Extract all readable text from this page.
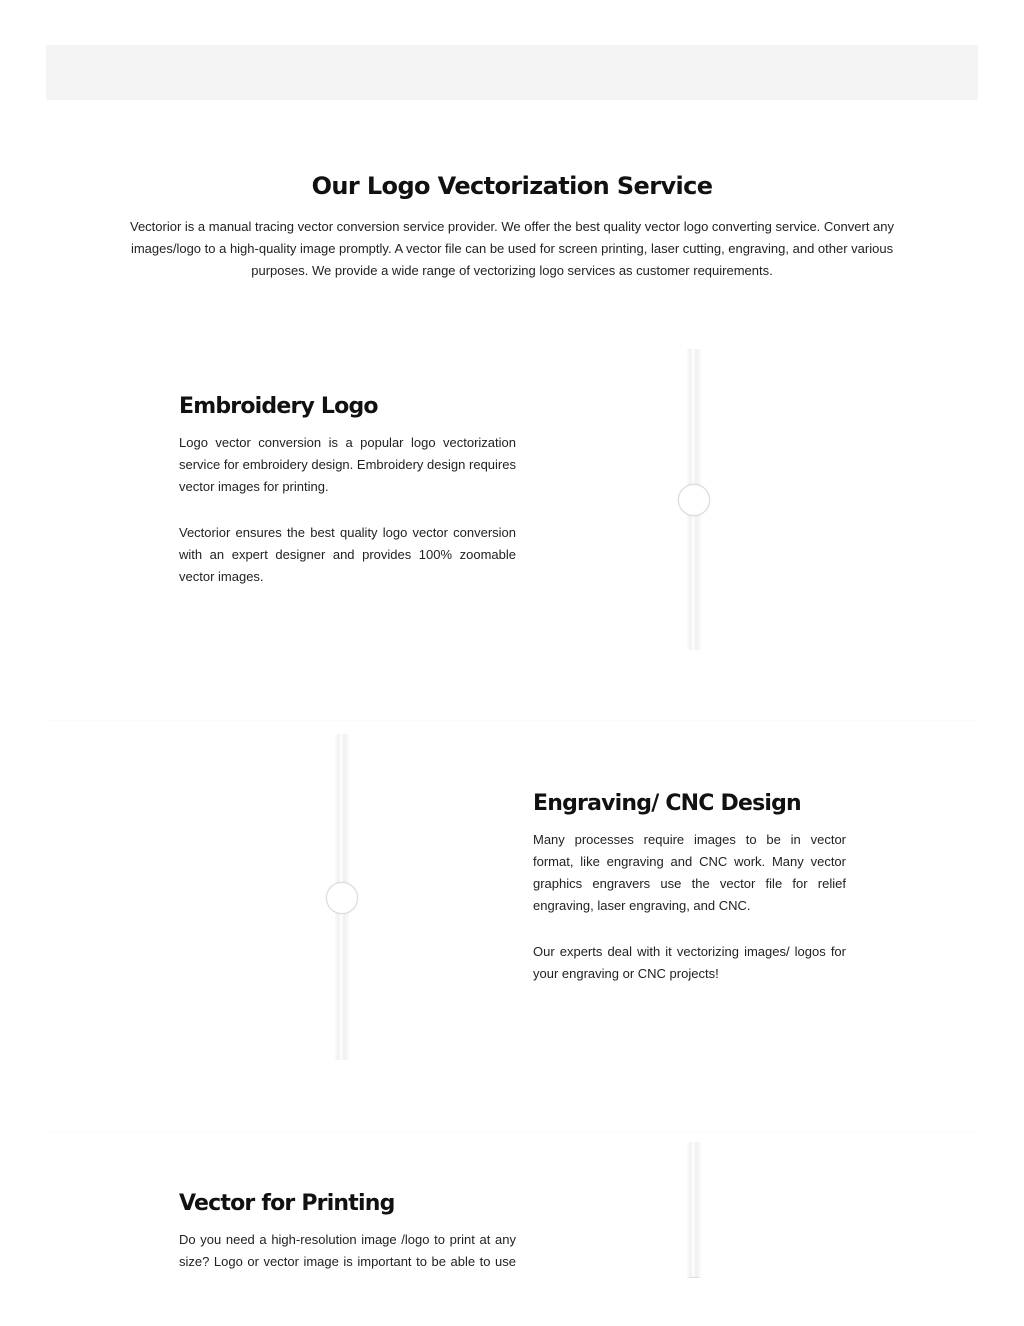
Our Logo Vectorization Service

Vectorior is a manual tracing vector conversion service provider. We offer the best quality vector logo converting service. Convert any images/logo to a high-quality image promptly. A vector file can be used for screen printing, laser cutting, engraving, and other various purposes. We provide a wide range of vectorizing logo services as customer requirements.

Embroidery Logo

Logo vector conversion is a popular logo vectorization service for embroidery design. Embroidery design requires vector images for printing.

Vectorior ensures the best quality logo vector conversion with an expert designer and provides 100% zoomable vector images.

Engraving/ CNC Design

Many processes require images to be in vector format, like engraving and CNC work. Many vector graphics engravers use the vector file for relief engraving, laser engraving, and CNC.

Our experts deal with it vectorizing images/ logos for your engraving or CNC projects!

Vector for Printing

Do you need a high-resolution image /logo to print at any size? Logo or vector image is important to be able to use
